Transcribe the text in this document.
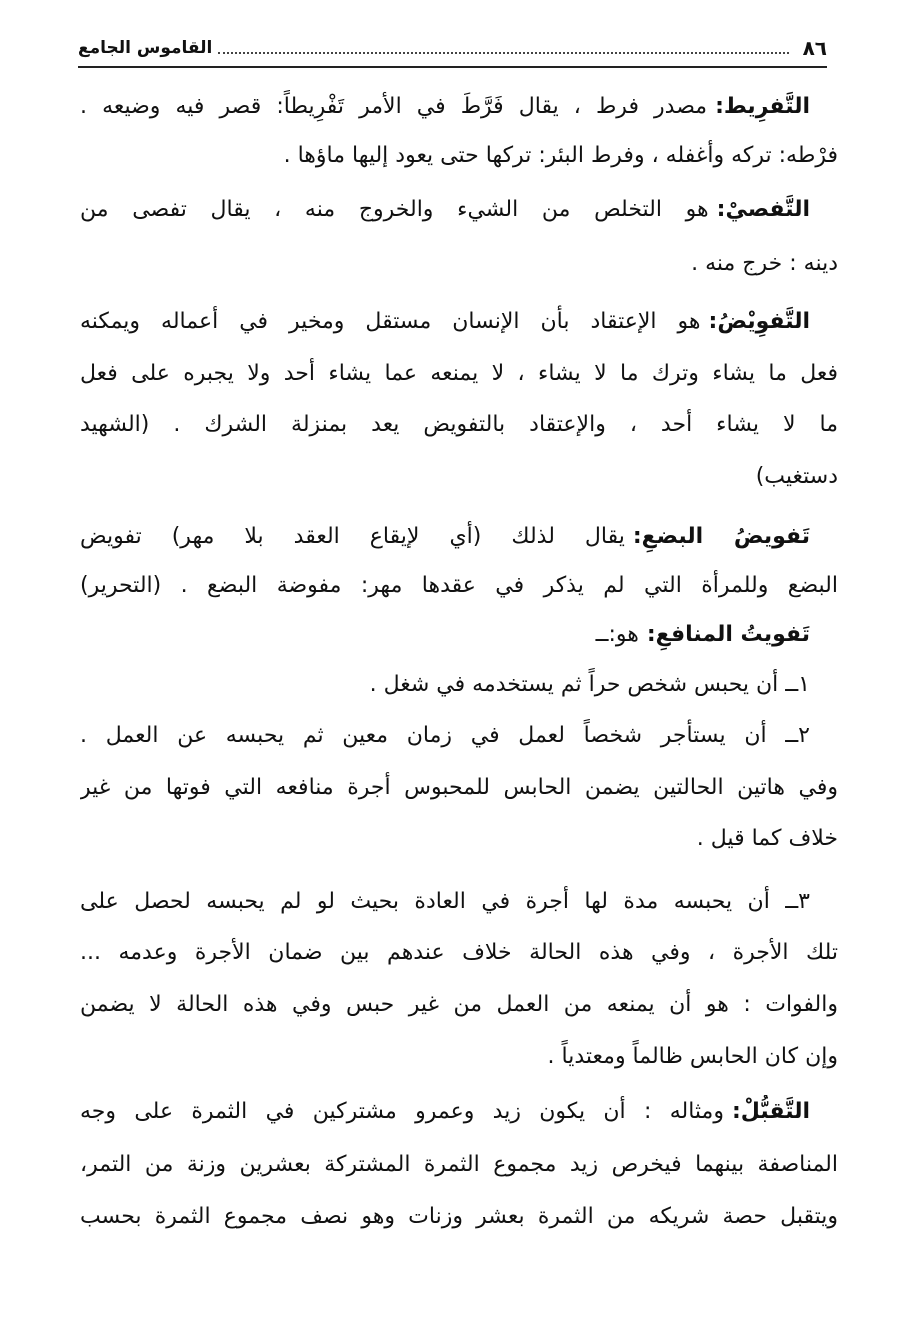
٨٦
القاموس الجامع
التَّفرِيط:مصدر فرط ، يقال فَرَّطَ في الأمر تَفْرِيطاً: قصر فيه وضيعه .
فرْطه: تركه وأغفله ، وفرط البئر: تركها حتى يعود إليها ماؤها .
التَّفصيْ:هو التخلص من الشيء والخروج منه ، يقال تفصى من
دينه : خرج منه .
التَّفوِيْضُ:هو الإعتقاد بأن الإنسان مستقل ومخير في أعماله ويمكنه
فعل ما يشاء وترك ما لا يشاء ، لا يمنعه عما يشاء أحد ولا يجبره على فعل
ما لا يشاء أحد ، والإعتقاد بالتفويض يعد بمنزلة الشرك . (الشهيد
دستغيب)
تَفويضُ البضعِ:يقال لذلك (أي لإيقاع العقد بلا مهر) تفويض
البضع وللمرأة التي لم يذكر في عقدها مهر: مفوضة البضع . (التحرير)
تَفويتُ المنافعِ:هو:ــ
١ــ أن يحبس شخص حراً ثم يستخدمه في شغل .
٢ــ أن يستأجر شخصاً لعمل في زمان معين ثم يحبسه عن العمل .
وفي هاتين الحالتين يضمن الحابس للمحبوس أجرة منافعه التي فوتها من غير
خلاف كما قيل .
٣ــ أن يحبسه مدة لها أجرة في العادة بحيث لو لم يحبسه لحصل على
تلك الأجرة ، وفي هذه الحالة خلاف عندهم بين ضمان الأجرة وعدمه ...
والفوات : هو أن يمنعه من العمل من غير حبس وفي هذه الحالة لا يضمن
وإن كان الحابس ظالماً ومعتدياً .
التَّقبُّلْ:ومثاله : أن يكون زيد وعمرو مشتركين في الثمرة على وجه
المناصفة بينهما فيخرص زيد مجموع الثمرة المشتركة بعشرين وزنة من التمر،
ويتقبل حصة شريكه من الثمرة بعشر وزنات وهو نصف مجموع الثمرة بحسب
